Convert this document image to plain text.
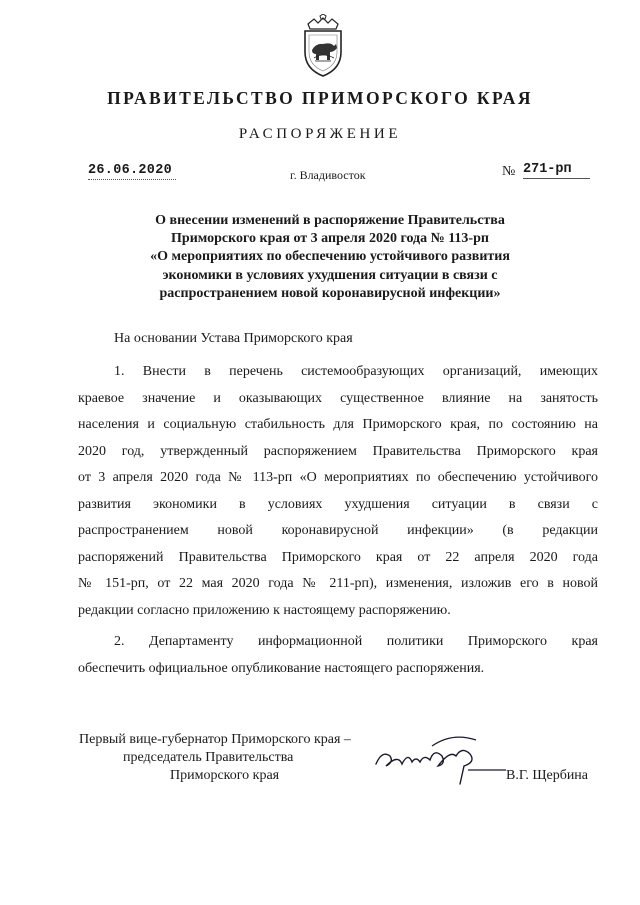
ПРАВИТЕЛЬСТВО ПРИМОРСКОГО КРАЯ
РАСПОРЯЖЕНИЕ
26.06.2020	г. Владивосток	№ 271-рп
О внесении изменений в распоряжение Правительства
Приморского края от 3 апреля 2020 года № 113-рп
«О мероприятиях по обеспечению устойчивого развития
экономики в условиях ухудшения ситуации в связи с
распространением новой коронавирусной инфекции»
На основании Устава Приморского края
1. Внести в перечень системообразующих организаций, имеющих
краевое значение и оказывающих существенное влияние на занятость
населения и социальную стабильность для Приморского края, по состоянию на
2020 год, утвержденный распоряжением Правительства Приморского края
от 3 апреля 2020 года № 113-рп «О мероприятиях по обеспечению устойчивого
развития экономики в условиях ухудшения ситуации в связи с
распространением новой коронавирусной инфекции» (в редакции
распоряжений Правительства Приморского края от 22 апреля 2020 года
№ 151-рп, от 22 мая 2020 года № 211-рп), изменения, изложив его в новой
редакции согласно приложению к настоящему распоряжению.
2. Департаменту информационной политики Приморского края
обеспечить официальное опубликование настоящего распоряжения.
Первый вице-губернатор Приморского края –
председатель Правительства
Приморского края	В.Г. Щербина
